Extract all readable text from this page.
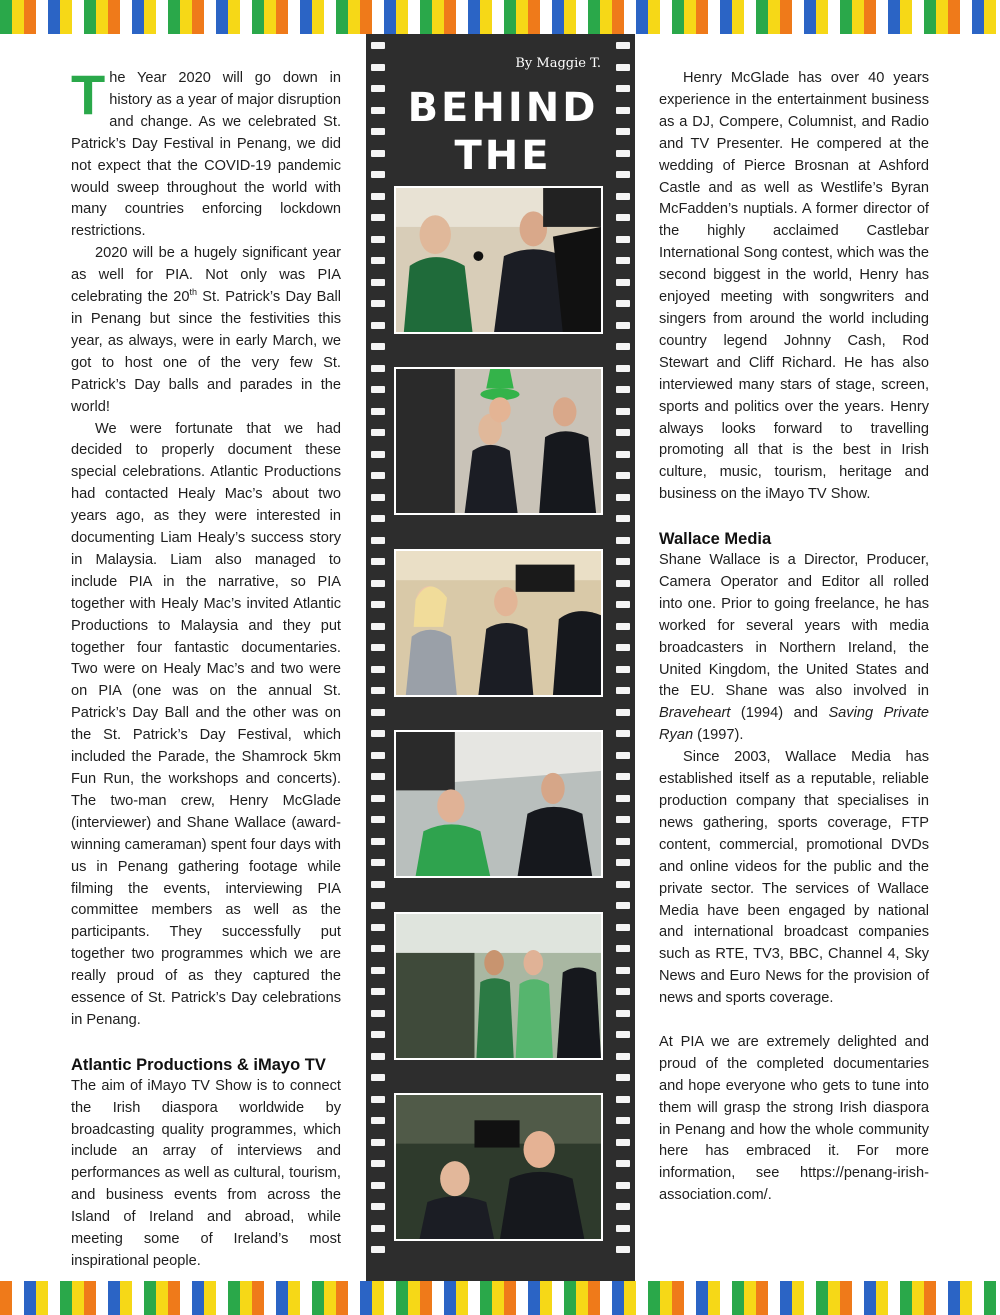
The Year 2020 will go down in history as a year of major disruption and change. As we celebrated St. Patrick’s Day Festival in Penang, we did not expect that the COVID-19 pandemic would sweep throughout the world with many countries enforcing lockdown restrictions.

2020 will be a hugely significant year as well for PIA. Not only was PIA celebrating the 20th St. Patrick’s Day Ball in Penang but since the festivities this year, as always, were in early March, we got to host one of the very few St. Patrick’s Day balls and parades in the world!

We were fortunate that we had decided to properly document these special celebrations. Atlantic Productions had contacted Healy Mac’s about two years ago, as they were interested in documenting Liam Healy’s success story in Malaysia. Liam also managed to include PIA in the narrative, so PIA together with Healy Mac’s invited Atlantic Productions to Malaysia and they put together four fantastic documentaries. Two were on Healy Mac’s and two were on PIA (one was on the annual St. Patrick’s Day Ball and the other was on the St. Patrick’s Day Festival, which included the Parade, the Shamrock 5km Fun Run, the workshops and concerts). The two-man crew, Henry McGlade (interviewer) and Shane Wallace (award-winning cameraman) spent four days with us in Penang gathering footage while filming the events, interviewing PIA committee members as well as the participants. They successfully put together two programmes which we are really proud of as they captured the essence of St. Patrick’s Day celebrations in Penang.

Atlantic Productions & iMayo TV

The aim of iMayo TV Show is to connect the Irish diaspora worldwide by broadcasting quality programmes, which include an array of interviews and performances as well as cultural, tourism, and business events from across the Island of Ireland and abroad, while meeting some of Ireland’s most inspirational people.

By Maggie T.
BEHIND THE

Henry McGlade has over 40 years experience in the entertainment business as a DJ, Compere, Columnist, and Radio and TV Presenter. He compered at the wedding of Pierce Brosnan at Ashford Castle and as well as Westlife’s Byran McFadden’s nuptials. A former director of the highly acclaimed Castlebar International Song contest, which was the second biggest in the world, Henry has enjoyed meeting with songwriters and singers from around the world including country legend Johnny Cash, Rod Stewart and Cliff Richard. He has also interviewed many stars of stage, screen, sports and politics over the years. Henry always looks forward to travelling promoting all that is the best in Irish culture, music, tourism, heritage and business on the iMayo TV Show.

Wallace Media

Shane Wallace is a Director, Producer, Camera Operator and Editor all rolled into one. Prior to going freelance, he has worked for several years with media broadcasters in Northern Ireland, the United Kingdom, the United States and the EU. Shane was also involved in Braveheart (1994) and Saving Private Ryan (1997).

Since 2003, Wallace Media has established itself as a reputable, reliable production company that specialises in news gathering, sports coverage, FTP content, commercial, promotional DVDs and online videos for the public and the private sector. The services of Wallace Media have been engaged by national and international broadcast companies such as RTE, TV3, BBC, Channel 4, Sky News and Euro News for the provision of news and sports coverage.

At PIA we are extremely delighted and proud of the completed documentaries and hope everyone who gets to tune into them will grasp the strong Irish diaspora in Penang and how the whole community here has embraced it. For more information, see https://penang-irish-association.com/.
